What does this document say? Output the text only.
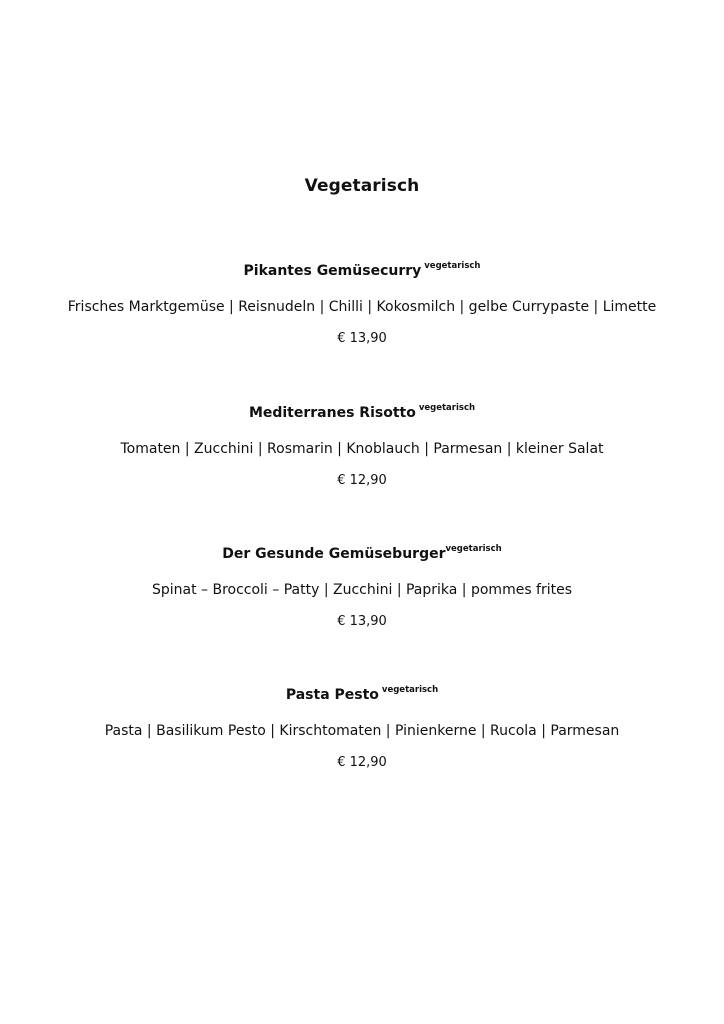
Vegetarisch
Pikantes Gemüsecurry $^{vegetarisch}$
Frisches Marktgemüse | Reisnudeln | Chilli | Kokosmilch | gelbe Currypaste | Limette
€ 13,90
Mediterranes Risotto $^{vegetarisch}$
Tomaten | Zucchini | Rosmarin | Knoblauch | Parmesan | kleiner Salat
€ 12,90
Der Gesunde Gemüseburger$^{vegetarisch}$
Spinat – Broccoli – Patty | Zucchini | Paprika | pommes frites
€ 13,90
Pasta Pesto $^{vegetarisch}$
Pasta | Basilikum Pesto | Kirschtomaten | Pinienkerne | Rucola | Parmesan
€ 12,90
